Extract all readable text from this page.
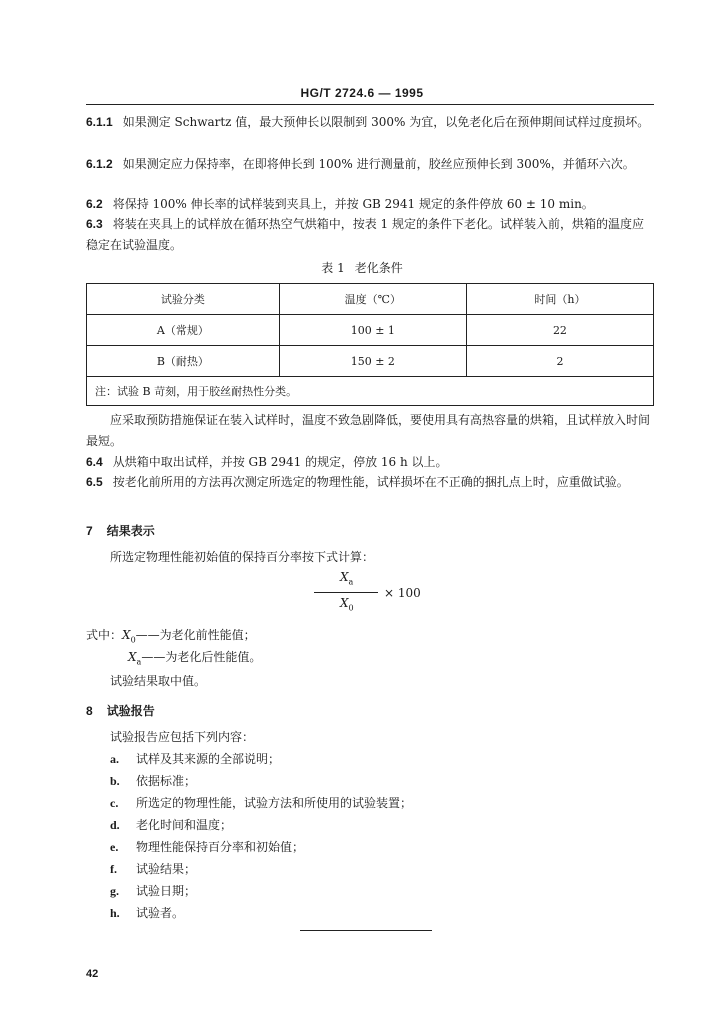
HG/T 2724.6 — 1995
6.1.1 如果测定 Schwartz 值，最大预伸长以限制到 300% 为宜，以免老化后在预伸期间试样过度损坏。
6.1.2 如果测定应力保持率，在即将伸长到 100% 进行测量前，胶丝应预伸长到 300%，并循环六次。
6.2 将保持 100% 伸长率的试样装到夹具上，并按 GB 2941 规定的条件停放 60 ± 10 min。
6.3 将装在夹具上的试样放在循环热空气烘箱中，按表 1 规定的条件下老化。试样装入前，烘箱的温度应稳定在试验温度。
表 1 老化条件
试验分类	温度（℃）	时间（h）
A（常规）	100 ± 1	22
B（耐热）	150 ± 2	2
注：试验 B 苛刻，用于胶丝耐热性分类。		
应采取预防措施保证在装入试样时，温度不致急剧降低，要使用具有高热容量的烘箱，且试样放入时间最短。
6.4 从烘箱中取出试样，并按 GB 2941 的规定，停放 16 h 以上。
6.5 按老化前所用的方法再次测定所选定的物理性能，试样损坏在不正确的捆扎点上时，应重做试验。
7 结果表示
所选定物理性能初始值的保持百分率按下式计算：
$X_a$
$X_0$
× 100
式中：$X_0——$为老化前性能值；
$X_a——$为老化后性能值。
试验结果取中值。
8 试验报告
试验报告应包括下列内容：
a. 试样及其来源的全部说明；
b. 依据标准；
c. 所选定的物理性能，试验方法和所使用的试验装置；
d. 老化时间和温度；
e. 物理性能保持百分率和初始值；
f. 试验结果；
g. 试验日期；
h. 试验者。
42
